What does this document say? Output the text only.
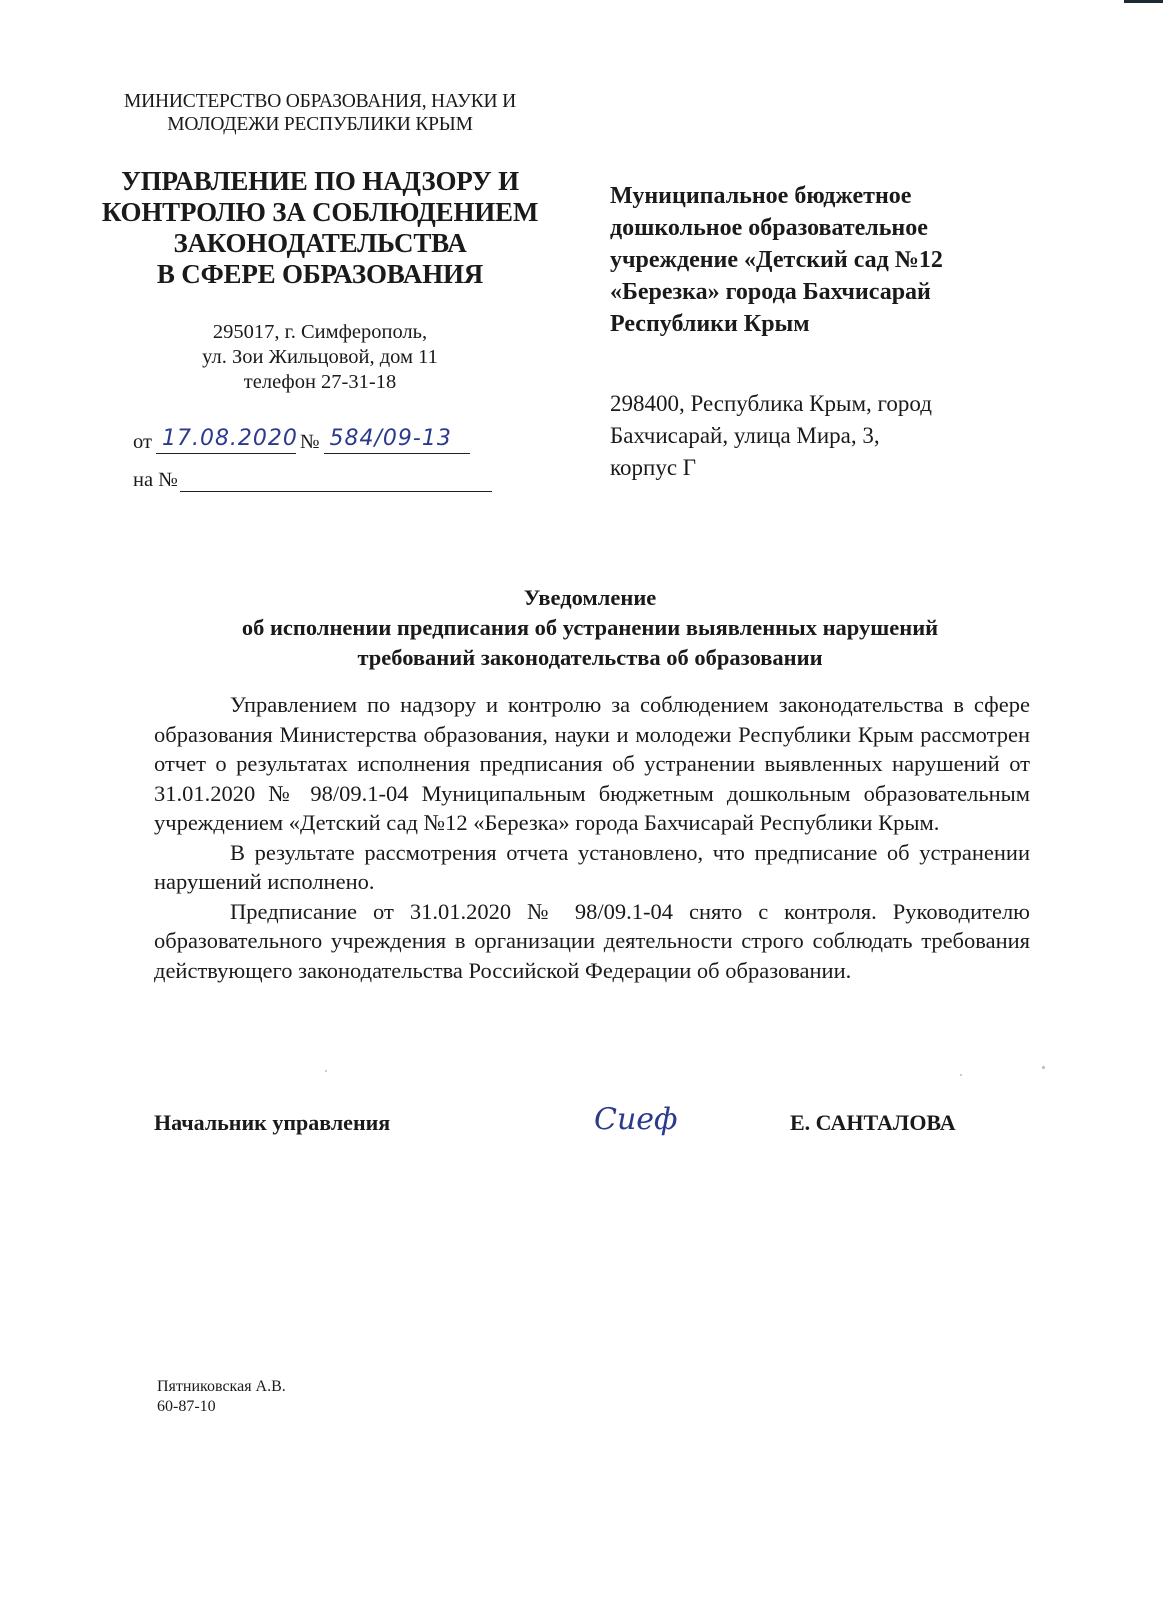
МИНИСТЕРСТВО ОБРАЗОВАНИЯ, НАУКИ И
МОЛОДЕЖИ РЕСПУБЛИКИ КРЫМ
УПРАВЛЕНИЕ ПО НАДЗОРУ И
КОНТРОЛЮ ЗА СОБЛЮДЕНИЕМ
ЗАКОНОДАТЕЛЬСТВА
В СФЕРЕ ОБРАЗОВАНИЯ
295017, г. Симферополь,
ул. Зои Жильцовой, дом 11
телефон 27-31-18
от 17.08.2020 № 584/09-13
на №
Муниципальное бюджетное
дошкольное образовательное
учреждение «Детский сад №12
«Березка» города Бахчисарай
Республики Крым
298400, Республика Крым, город
Бахчисарай, улица Мира, 3,
корпус Г
Уведомление
об исполнении предписания об устранении выявленных нарушений
требований законодательства об образовании

Управлением по надзору и контролю за соблюдением законодательства в сфере образования Министерства образования, науки и молодежи Республики Крым рассмотрен отчет о результатах исполнения предписания об устранении выявленных нарушений от 31.01.2020 № 98/09.1-04 Муниципальным бюджетным дошкольным образовательным учреждением «Детский сад №12 «Березка» города Бахчисарай Республики Крым.

В результате рассмотрения отчета установлено, что предписание об устранении нарушений исполнено.

Предписание от 31.01.2020 № 98/09.1-04 снято с контроля. Руководителю образовательного учреждения в организации деятельности строго соблюдать требования действующего законодательства Российской Федерации об образовании.

Начальник управления	Сиеф	Е. САНТАЛОВА
Пятниковская А.В.
60-87-10
